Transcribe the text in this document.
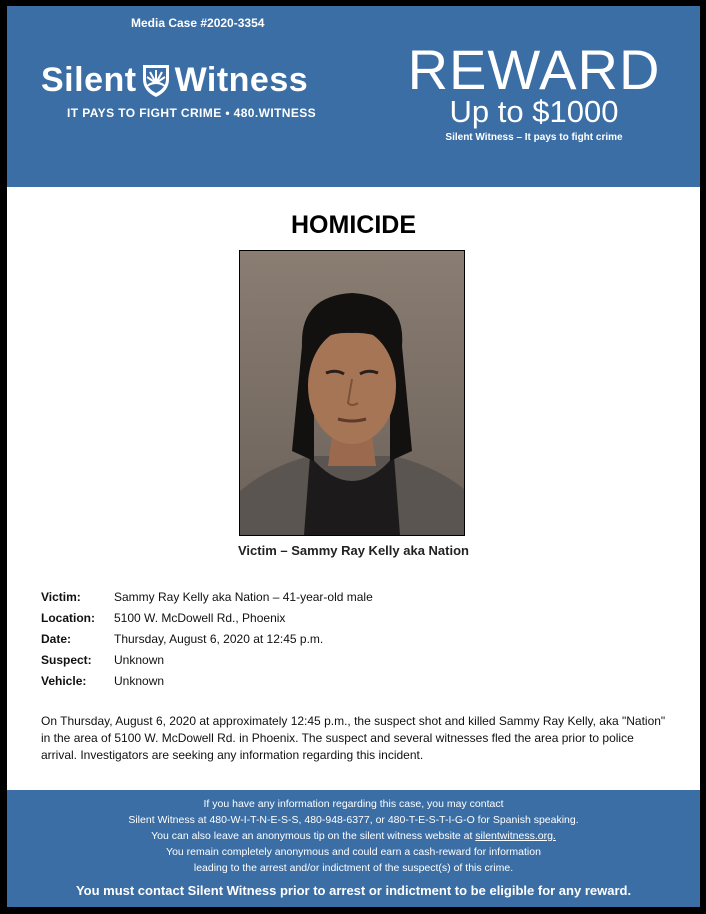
Media Case #2020-3354
Silent Witness
IT PAYS TO FIGHT CRIME • 480.WITNESS
REWARD
Up to $1000
Silent Witness – It pays to fight crime
HOMICIDE
Victim – Sammy Ray Kelly aka Nation
Victim:	Sammy Ray Kelly aka Nation – 41-year-old male
Location: 5100 W. McDowell Rd., Phoenix
Date:	Thursday, August 6, 2020 at 12:45 p.m.
Suspect: Unknown
Vehicle: Unknown
On Thursday, August 6, 2020 at approximately 12:45 p.m., the suspect shot and killed Sammy Ray Kelly, aka "Nation" in the area of 5100 W. McDowell Rd. in Phoenix. The suspect and several witnesses fled the area prior to police arrival. Investigators are seeking any information regarding this incident.
If you have any information regarding this case, you may contact
Silent Witness at 480-W-I-T-N-E-S-S, 480-948-6377, or 480-T-E-S-T-I-G-O for Spanish speaking.
You can also leave an anonymous tip on the silent witness website at silentwitness.org.
You remain completely anonymous and could earn a cash-reward for information
leading to the arrest and/or indictment of the suspect(s) of this crime.
You must contact Silent Witness prior to arrest or indictment to be eligible for any reward.
